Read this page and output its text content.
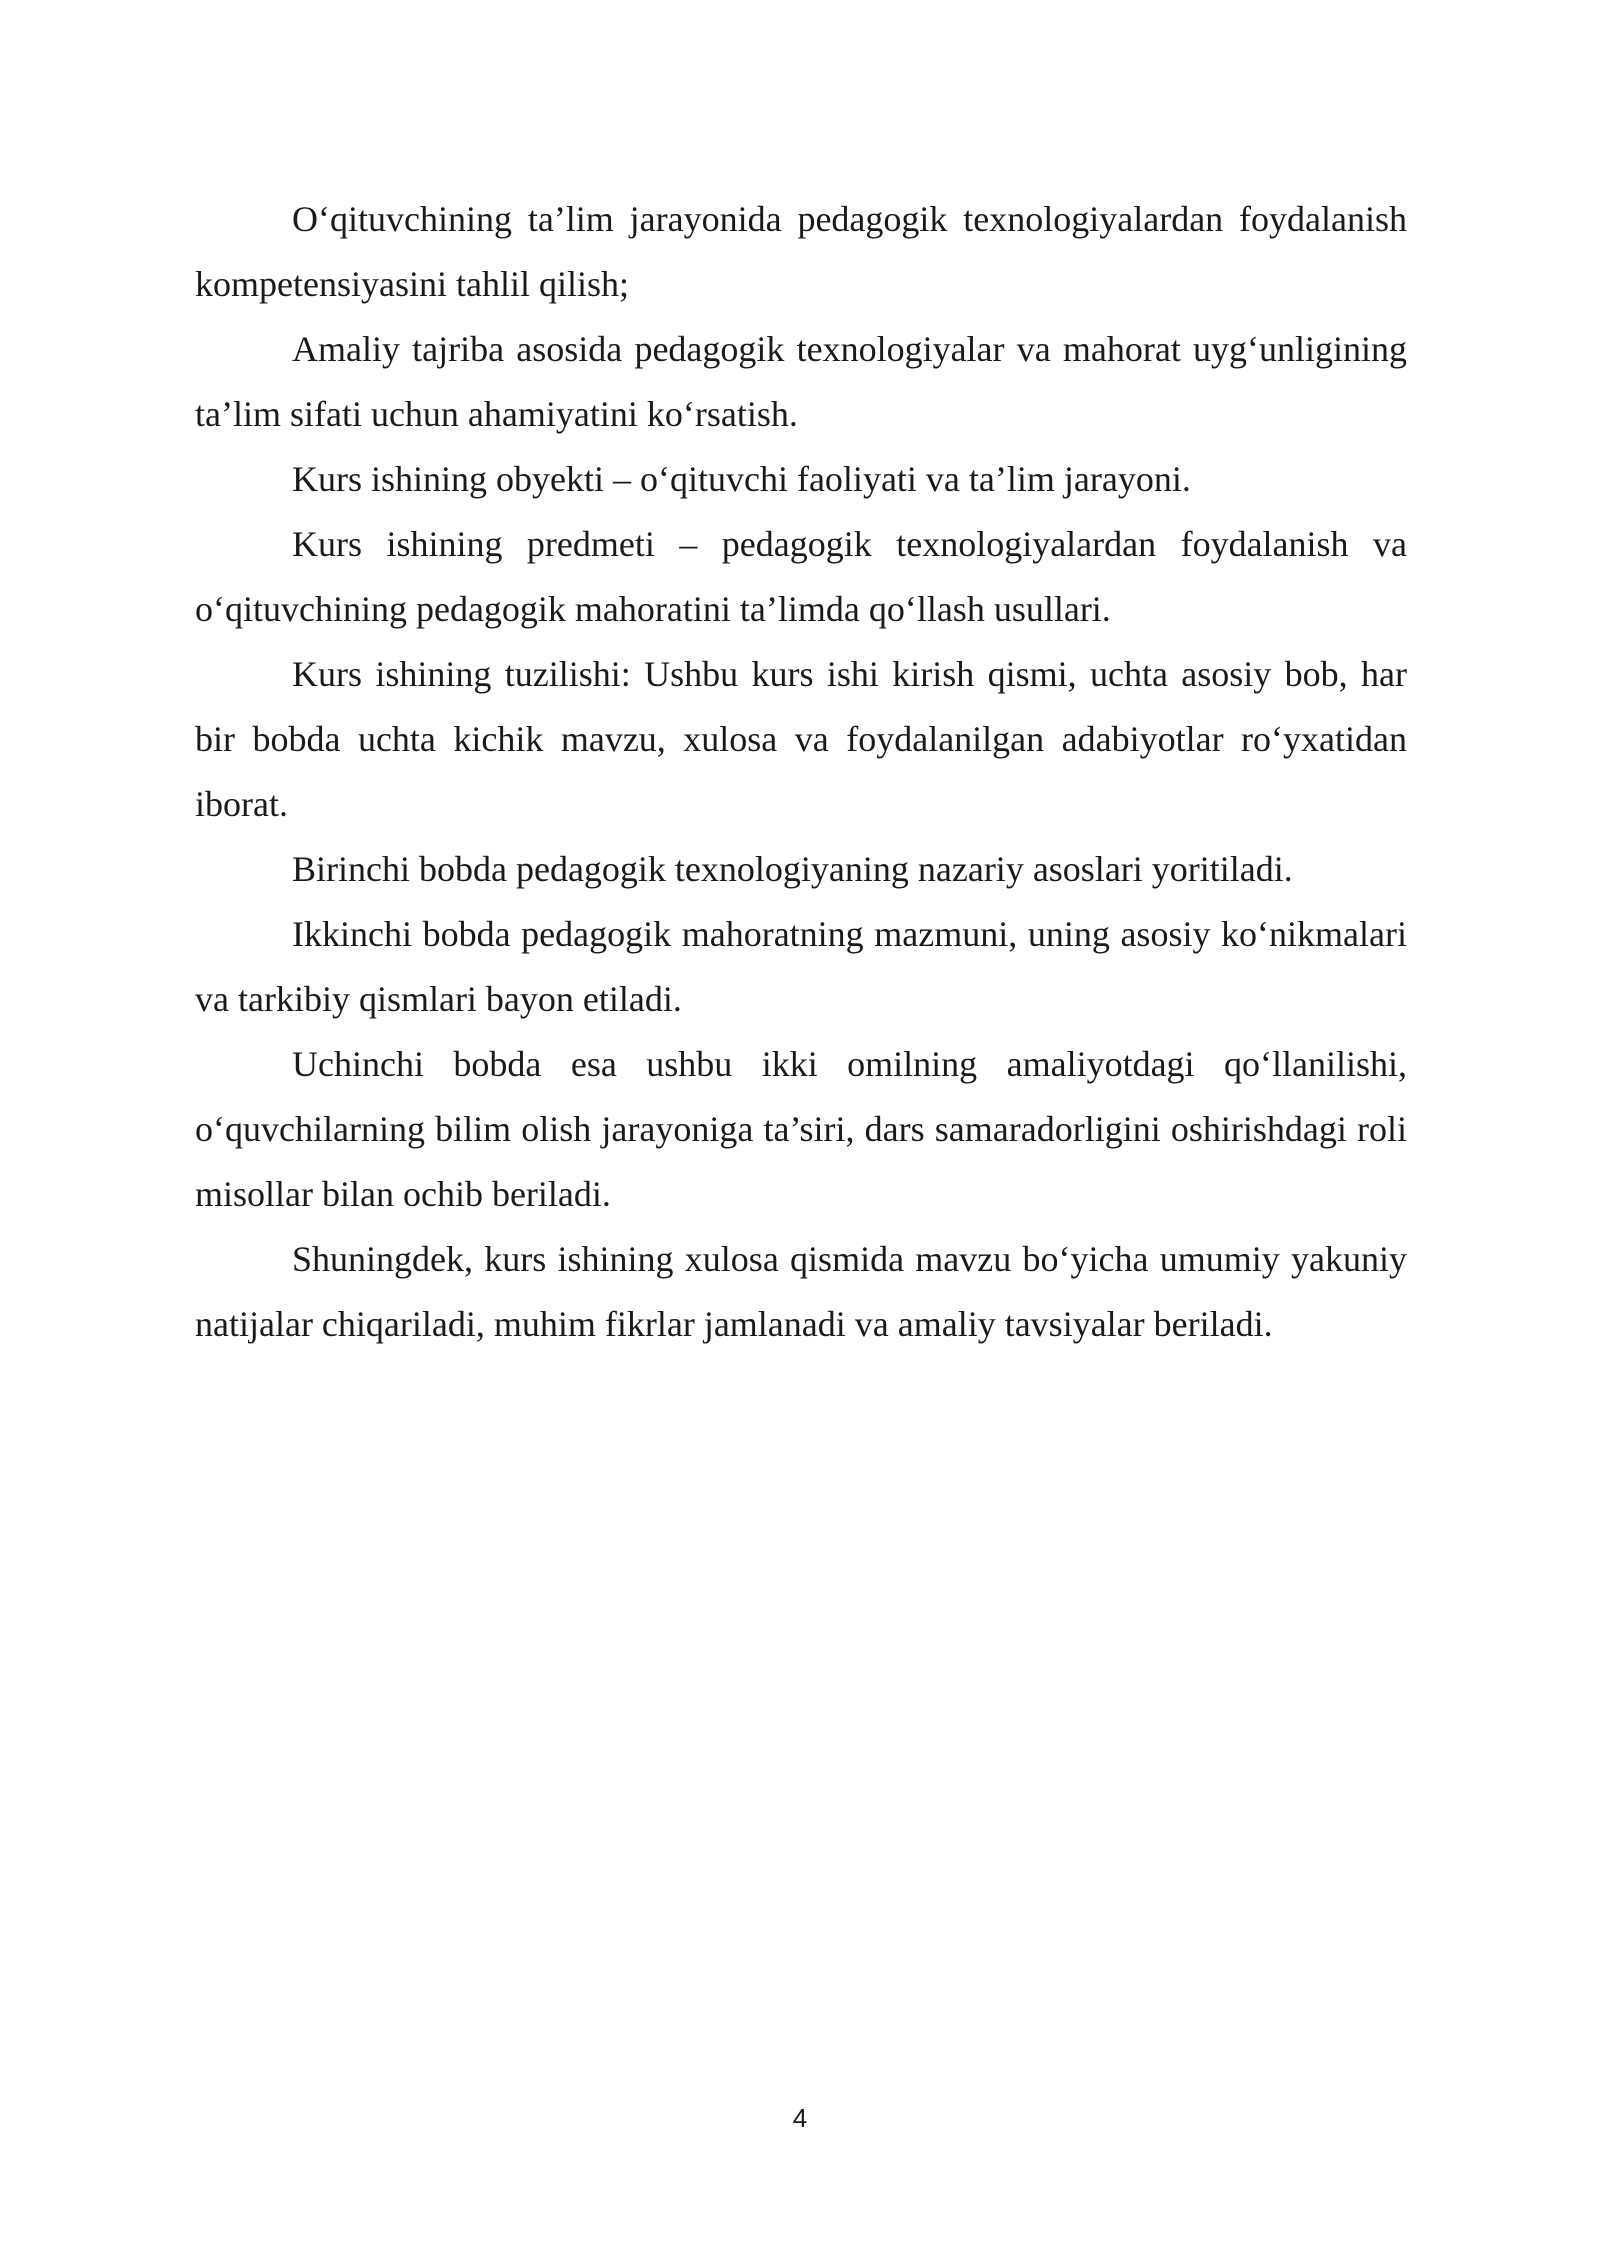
O‘qituvchining ta’lim jarayonida pedagogik texnologiyalardan foydalanish kompetensiyasini tahlil qilish;

Amaliy tajriba asosida pedagogik texnologiyalar va mahorat uyg‘unligining ta’lim sifati uchun ahamiyatini ko‘rsatish.

Kurs ishining obyekti – o‘qituvchi faoliyati va ta’lim jarayoni.

Kurs ishining predmeti – pedagogik texnologiyalardan foydalanish va o‘qituvchining pedagogik mahoratini ta’limda qo‘llash usullari.

Kurs ishining tuzilishi: Ushbu kurs ishi kirish qismi, uchta asosiy bob, har bir bobda uchta kichik mavzu, xulosa va foydalanilgan adabiyotlar ro‘yxatidan iborat.

Birinchi bobda pedagogik texnologiyaning nazariy asoslari yoritiladi.

Ikkinchi bobda pedagogik mahoratning mazmuni, uning asosiy ko‘nikmalari va tarkibiy qismlari bayon etiladi.

Uchinchi bobda esa ushbu ikki omilning amaliyotdagi qo‘llanilishi, o‘quvchilarning bilim olish jarayoniga ta’siri, dars samaradorligini oshirishdagi roli misollar bilan ochib beriladi.

Shuningdek, kurs ishining xulosa qismida mavzu bo‘yicha umumiy yakuniy natijalar chiqariladi, muhim fikrlar jamlanadi va amaliy tavsiyalar beriladi.

4
